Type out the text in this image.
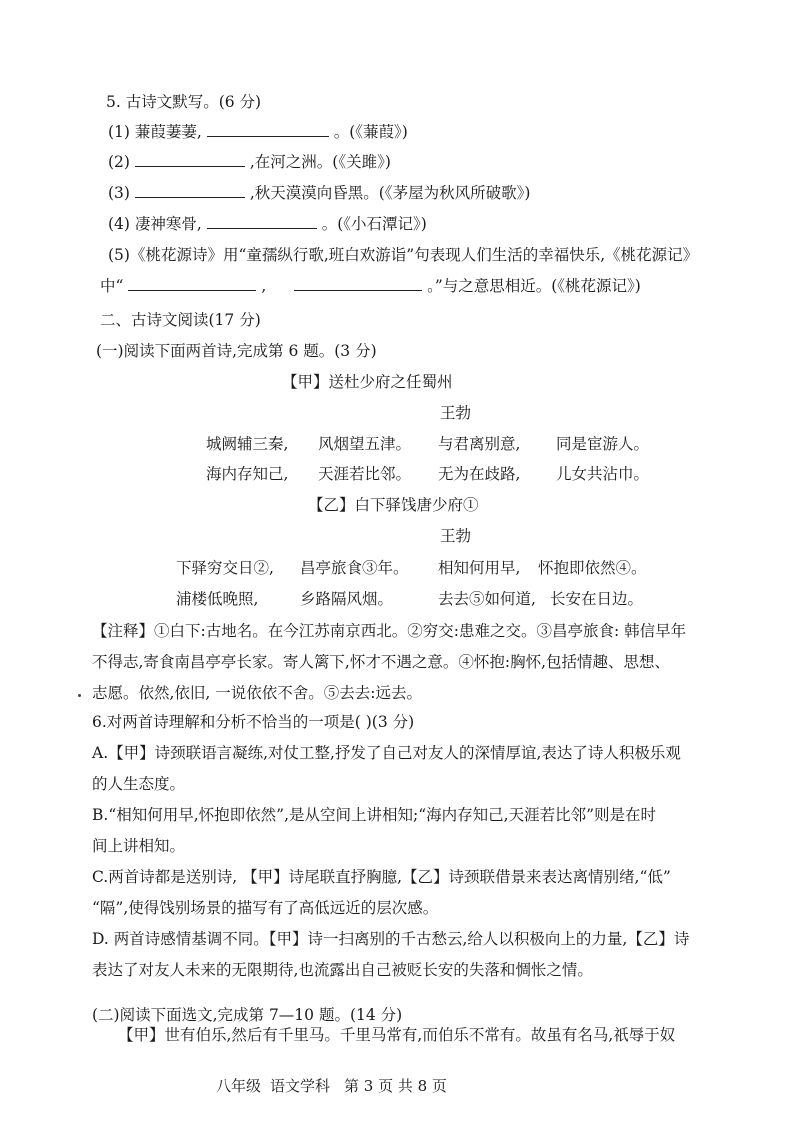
5. 古诗文默写。(6 分)
(1) 蒹葭萋萋,	。(《蒹葭》)
(2)	,在河之洲。(《关雎》)
(3)	,秋天漠漠向昏黑。(《茅屋为秋风所破歌》)
(4) 凄神寒骨,	。(《小石潭记》)
(5)《桃花源诗》用“童孺纵行歌,班白欢游诣”句表现人们生活的幸福快乐,《桃花源记》
中“	,	。”与之意思相近。(《桃花源记》)
二、古诗文阅读(17 分)
(一)阅读下面两首诗,完成第 6 题。(3 分)
【甲】送杜少府之任蜀州
王勃
城阙辅三秦, 风烟望五津。 与君离别意, 同是宦游人。
海内存知己, 天涯若比邻。 无为在歧路, 儿女共沾巾。
【乙】白下驿饯唐少府①
王勃
下驿穷交日②, 昌亭旅食③年。 相知何用早, 怀抱即依然④。
浦楼低晚照,	乡路隔风烟。	去去⑤如何道, 长安在日边。
【注释】①白下:古地名。在今江苏南京西北。②穷交:患难之交。③昌亭旅食: 韩信早年
不得志,寄食南昌亭亭长家。寄人篱下,怀才不遇之意。④怀抱:胸怀,包括情趣、思想、
志愿。依然,依旧, 一说依依不舍。⑤去去:远去。
6.对两首诗理解和分析不恰当的一项是( )(3 分)
A.【甲】诗颈联语言凝练,对仗工整,抒发了自己对友人的深情厚谊,表达了诗人积极乐观
的人生态度。
B.“相知何用早,怀抱即依然”,是从空间上讲相知;“海内存知己,天涯若比邻”则是在时
间上讲相知。
C.两首诗都是送别诗, 【甲】诗尾联直抒胸臆,【乙】诗颈联借景来表达离情别绪,“低”
“隔”,使得饯别场景的描写有了高低远近的层次感。
D. 两首诗感情基调不同。【甲】诗一扫离别的千古愁云,给人以积极向上的力量,【乙】诗
表达了对友人未来的无限期待,也流露出自己被贬长安的失落和惆怅之情。
(二)阅读下面选文,完成第 7—10 题。(14 分)
【甲】世有伯乐,然后有千里马。千里马常有,而伯乐不常有。故虽有名马,祇辱于奴
八年级 语文学科 第 3 页 共 8 页
